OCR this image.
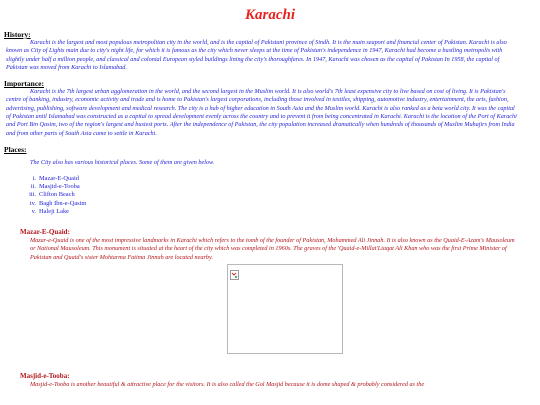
Karachi
History:
Karachi is the largest and most populous metropolitan city in the world, and is the capital of Pakistani province of Sindh. It is the main seaport and financial center of Pakistan. Karachi is also known as City of Lights main due to city's night life, for which it is famous as the city which never sleeps at the time of Pakistan's independence in 1947, Karachi had become a bustling metropolis with slightly under half a million people, and classical and colonial European styled buildings lining the city's thoroughfares. In 1947, Karachi was chosen as the capital of Pakistan In 1958, the capital of Pakistan was moved from Karachi to Islamabad.
Importance:
Karachi is the 7th largest urban agglomeration in the world, and the second largest in the Muslim world. It is also world's 7th least expensive city to live based on cost of living. It is Pakistan's centre of banking, industry, economic activity and trade and is home to Pakistan's largest corporations, including those involved in textiles, shipping, automotive industry, entertainment, the arts, fashion, advertising, publishing, software development and medical research. The city is a hub of higher education in South Asia and the Muslim world. Karachi is also ranked as a beta world city. It was the capital of Pakistan until Islamabad was constructed as a capital to spread development evenly across the country and to prevent it from being concentrated in Karachi. Karachi is the location of the Port of Karachi and Port Bin Qasim, two of the region's largest and busiest ports. After the independence of Pakistan, the city population increased dramatically when hundreds of thousands of Muslim Muhajirs from India and from other parts of South Asia came to settle in Karachi.
Places:
The City also has various historical places. Some of them are given below.
i. Mazar-E-Quaid
ii. Masjid-e-Tooba
iii. Clifton Beach
iv. Bagh Ibn-e-Qasim
v. Haleji Lake
Mazar-E-Quaid:
Mazar-e-Quaid is one of the most impressive landmarks in Karachi which refers to the tomb of the founder of Pakistan, Mohammed Ali Jinnah. It is also known as the Quaid-E-Azam's Mausoleum or National Mausoleum. This monument is situated at the heart of the city which was completed in 1960s. The graves of the 'Quaid-e-Millat'Liaqat Ali Khan who was the first Prime Minister of Pakistan and Quaid's sister Mohtarma Fatima Jinnah are located nearby.
Masjid-e-Tooba:
Masjid-e-Tooba is another beautiful & attractive place for the visitors. It is also called the Gol Masjid because it is dome shaped & probably considered as the
